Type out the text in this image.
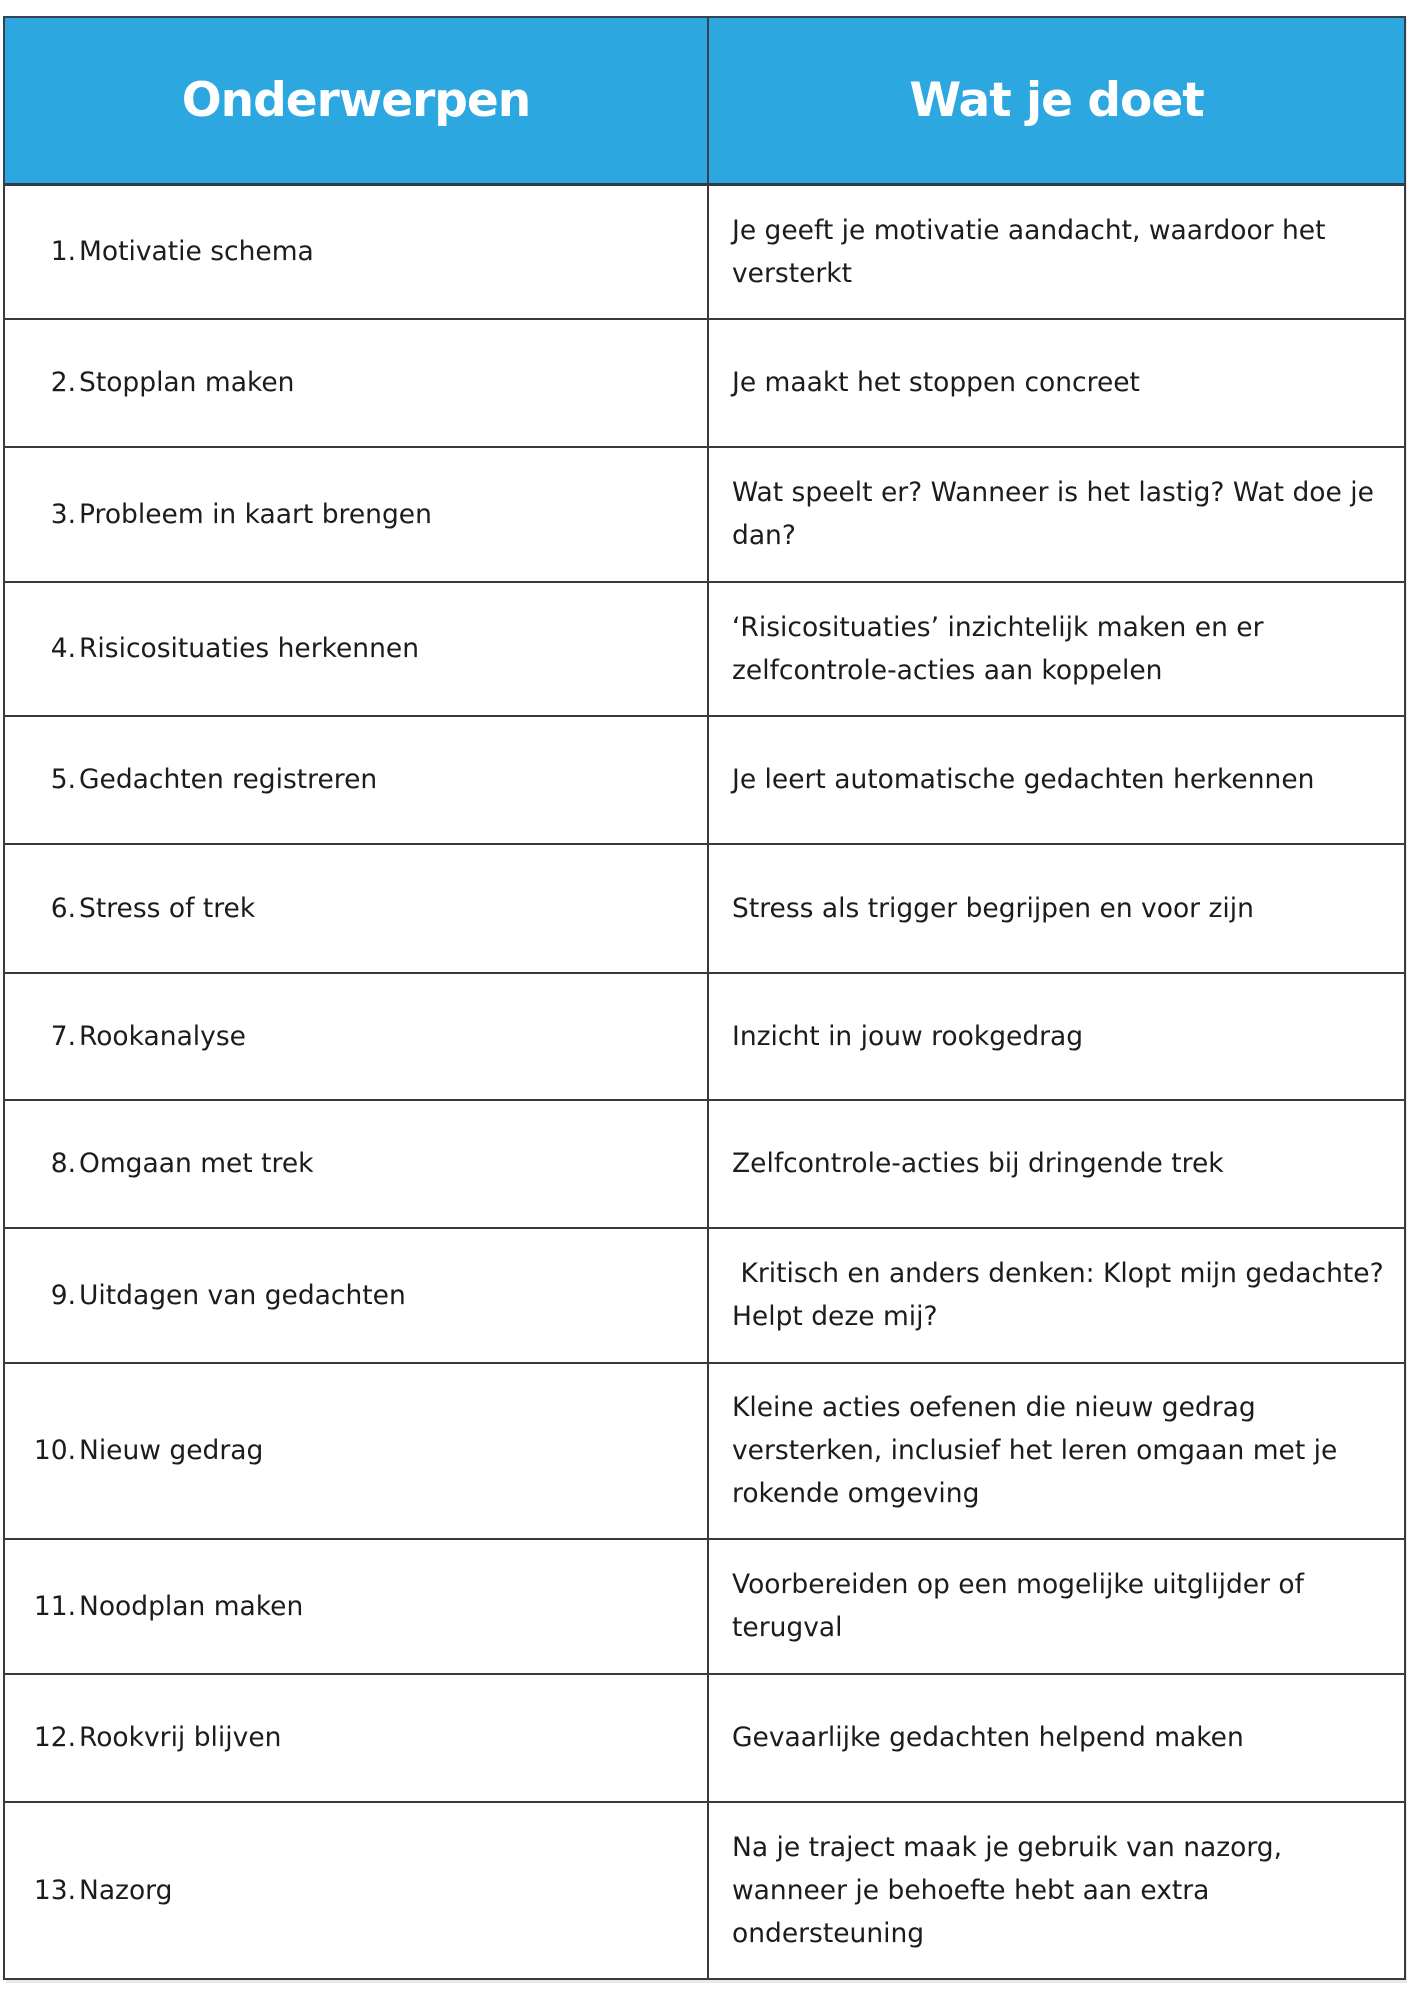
Onderwerpen	Wat je doet

1. Motivatie schema	Je geeft je motivatie aandacht, waardoor het versterkt

2. Stopplan maken	Je maakt het stoppen concreet

3. Probleem in kaart brengen	Wat speelt er? Wanneer is het lastig? Wat doe je dan?

4. Risicosituaties herkennen	‘Risicosituaties’ inzichtelijk maken en er zelfcontrole-acties aan koppelen

5. Gedachten registreren	Je leert automatische gedachten herkennen

6. Stress of trek	Stress als trigger begrijpen en voor zijn

7. Rookanalyse	Inzicht in jouw rookgedrag

8. Omgaan met trek	Zelfcontrole-acties bij dringende trek

9. Uitdagen van gedachten	Kritisch en anders denken: Klopt mijn gedachte? Helpt deze mij?

10. Nieuw gedrag	Kleine acties oefenen die nieuw gedrag versterken, inclusief het leren omgaan met je rokende omgeving

11. Noodplan maken	Voorbereiden op een mogelijke uitglijder of terugval

12. Rookvrij blijven	Gevaarlijke gedachten helpend maken

13. Nazorg	Na je traject maak je gebruik van nazorg, wanneer je behoefte hebt aan extra ondersteuning
